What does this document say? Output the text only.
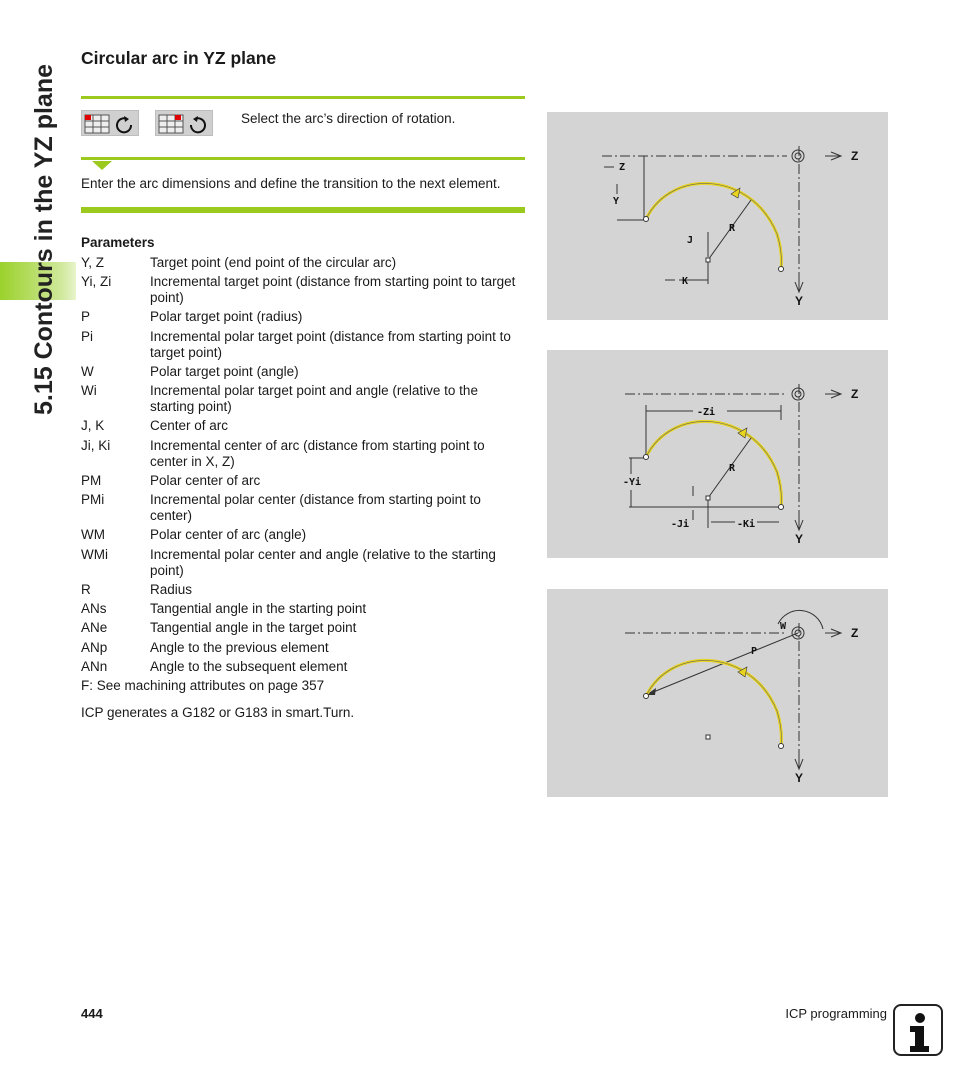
5.15 Contours in the YZ plane
Circular arc in YZ plane
Select the arc’s direction of rotation.
Enter the arc dimensions and define the transition to the next element.
Parameters
Y, Z	Target point (end point of the circular arc)
Yi, Zi	Incremental target point (distance from starting point to target point)
P	Polar target point (radius)
Pi	Incremental polar target point (distance from starting point to target point)
W	Polar target point (angle)
Wi	Incremental polar target point and angle (relative to the starting point)
J, K	Center of arc
Ji, Ki	Incremental center of arc (distance from starting point to center in X, Z)
PM	Polar center of arc
PMi	Incremental polar center (distance from starting point to center)
WM	Polar center of arc (angle)
WMi	Incremental polar center and angle (relative to the starting point)
R	Radius
ANs	Tangential angle in the starting point
ANe	Tangential angle in the target point
ANp	Angle to the previous element
ANn	Angle to the subsequent element
F: See machining attributes on page 357
ICP generates a G182 or G183 in smart.Turn.
Z
Y
Z
Y
J
K
R
Z
Y
-Zi
-Yi
-Ji	-Ki
R
Z
Y
W
P
444	ICP programming
